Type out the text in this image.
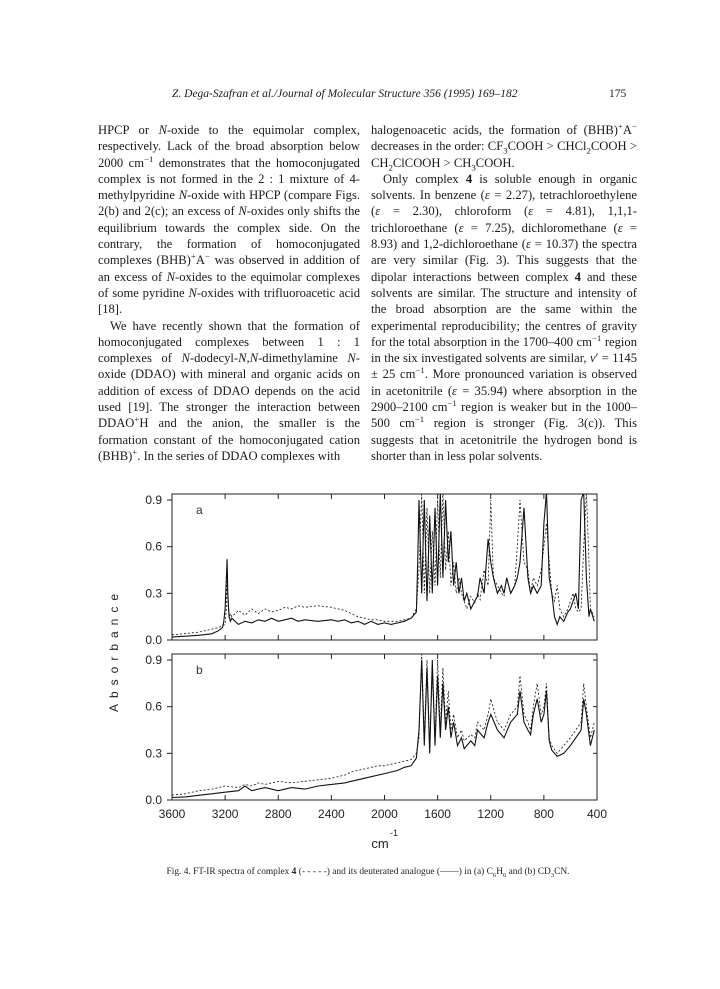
Z. Dega-Szafran et al./Journal of Molecular Structure 356 (1995) 169–182	175

HPCP or N-oxide to the equimolar complex, respectively. Lack of the broad absorption below 2000 $cm^{-1}$ demonstrates that the homoconjugated complex is not formed in the 2 : 1 mixture of 4-methylpyridine N-oxide with HPCP (compare Figs. 2(b) and 2(c); an excess of N-oxides only shifts the equilibrium towards the complex side. On the contrary, the formation of homoconjugated complexes (BHB)+A− was observed in addition of an excess of N-oxides to the equimolar complexes of some pyridine N-oxides with trifluoroacetic acid [18].

We have recently shown that the formation of homoconjugated complexes between 1 : 1 complexes of N-dodecyl-N,N-dimethylamine N-oxide (DDAO) with mineral and organic acids on addition of excess of DDAO depends on the acid used [19]. The stronger the interaction between DDAO+H and the anion, the smaller is the formation constant of the homoconjugated cation (BHB)+. In the series of DDAO complexes with

halogenoacetic acids, the formation of (BHB)+A− decreases in the order: $CF_3COOH$ > CHCl$_2$COOH > $CH_2ClCOOH$ > $CH_3COOH$.

Only complex 4 is soluble enough in organic solvents. In benzene (ε = 2.27), tetrachloroethylene (ε = 2.30), chloroform (ε = 4.81), 1,1,1-trichloroethane (ε = 7.25), dichloromethane (ε = 8.93) and 1,2-dichloroethane (ε = 10.37) the spectra are very similar (Fig. 3). This suggests that the dipolar interactions between complex 4 and these solvents are similar. The structure and intensity of the broad absorption are the same within the experimental reproducibility; the centres of gravity for the total absorption in the 1700–400 $cm^{-1}$ region in the six investigated solvents are similar, ν′ = 1145 ± 25 $cm^{-1}$. More pronounced variation is observed in acetonitrile (ε = 35.94) where absorption in the 2900–2100 $cm^{-1}$ region is weaker but in the 1000–500 $cm^{-1}$ region is stronger (Fig. 3(c)). This suggests that in acetonitrile the hydrogen bond is shorter than in less polar solvents.

0.9
0.6
0.3
0.0
a
0.9
0.6
0.3
0.0
b
3600 3200 2800 2400 2000 1600 1200 800	400
Absorbance
cm
-1
Fig. 4. FT-IR spectra of complex 4 (- - - - -) and its deuterated analogue (——) in (a) $C_6H_6$ and (b) $CD_3CN$.
